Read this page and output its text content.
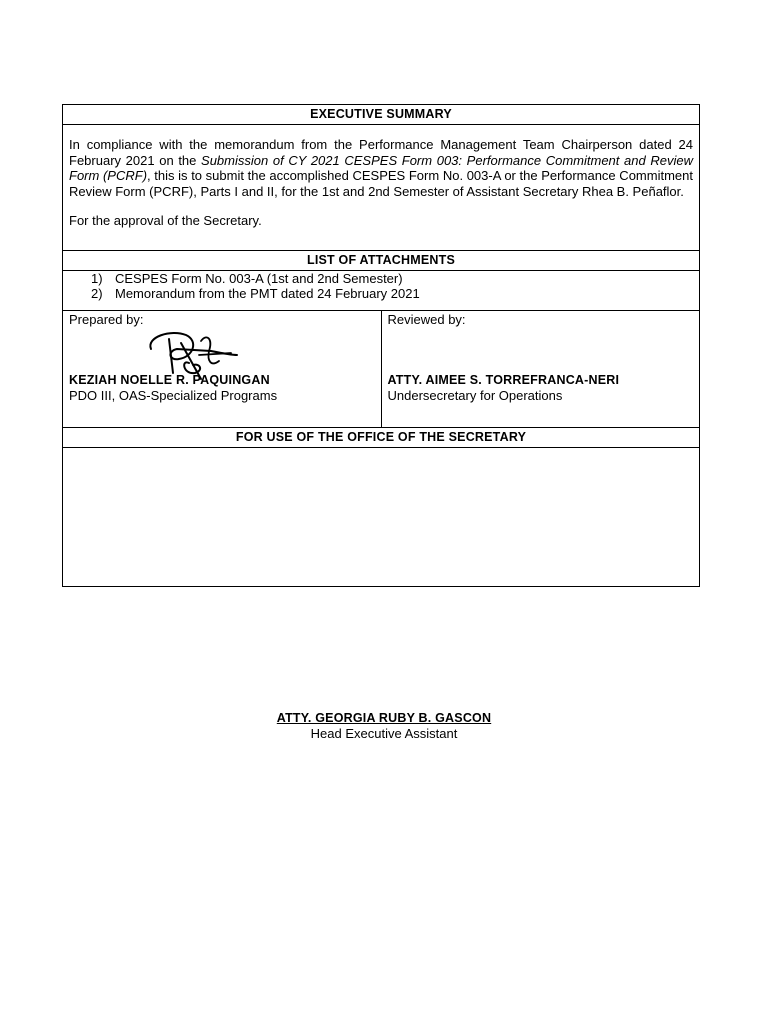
EXECUTIVE SUMMARY

In compliance with the memorandum from the Performance Management Team Chairperson dated 24 February 2021 on the Submission of CY 2021 CESPES Form 003: Performance Commitment and Review Form (PCRF), this is to submit the accomplished CESPES Form No. 003-A or the Performance Commitment Review Form (PCRF), Parts I and II, for the 1st and 2nd Semester of Assistant Secretary Rhea B. Peñaflor.

For the approval of the Secretary.

LIST OF ATTACHMENTS
1) CESPES Form No. 003-A (1st and 2nd Semester)
2) Memorandum from the PMT dated 24 February 2021
Prepared by:
KEZIAH NOELLE R. PAQUINGAN
PDO III, OAS-Specialized Programs
Reviewed by:
ATTY. AIMEE S. TORREFRANCA-NERI
Undersecretary for Operations
FOR USE OF THE OFFICE OF THE SECRETARY
ATTY. GEORGIA RUBY B. GASCON
Head Executive Assistant
